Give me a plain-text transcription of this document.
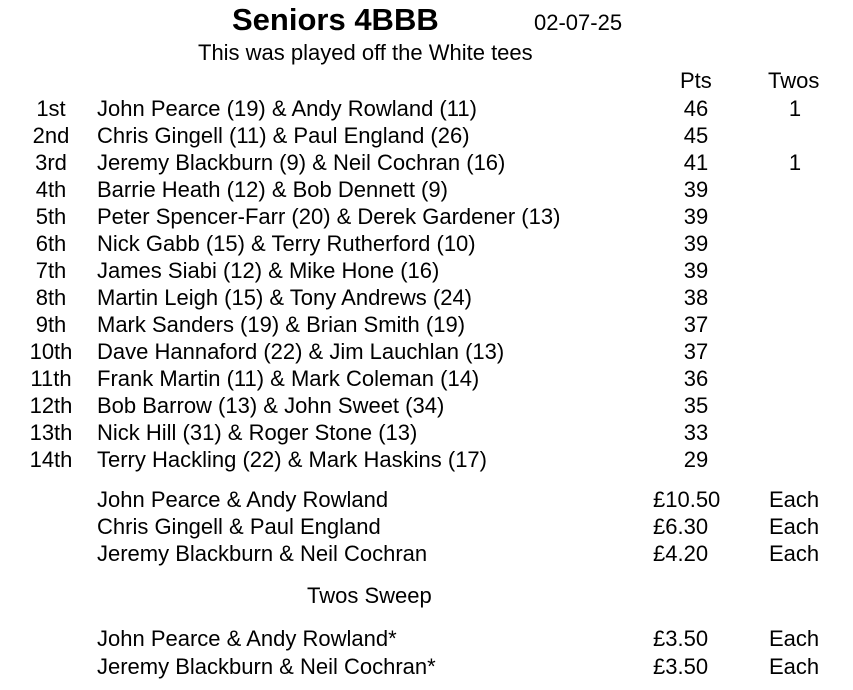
Seniors 4BBB	02-07-25
This was played off the White tees
Pts	Twos
1st	John Pearce (19) & Andy Rowland (11)	46	1
2nd	Chris Gingell (11) & Paul England (26)	45
3rd	Jeremy Blackburn (9) & Neil Cochran (16)	41	1
4th	Barrie Heath (12) & Bob Dennett (9)	39
5th	Peter Spencer-Farr (20) & Derek Gardener (13)	39
6th	Nick Gabb (15) & Terry Rutherford (10)	39
7th	James Siabi (12) & Mike Hone (16)	39
8th	Martin Leigh (15) & Tony Andrews (24)	38
9th	Mark Sanders (19) & Brian Smith (19)	37
10th Dave Hannaford (22) & Jim Lauchlan (13)	37
11th Frank Martin (11) & Mark Coleman (14)	36
12th Bob Barrow (13) & John Sweet (34)	35
13th Nick Hill (31) & Roger Stone (13)	33
14th Terry Hackling (22) & Mark Haskins (17)	29
John Pearce & Andy Rowland	£10.50 Each
Chris Gingell & Paul England	£6.30	Each
Jeremy Blackburn & Neil Cochran	£4.20	Each
Twos Sweep
John Pearce & Andy Rowland*	£3.50	Each
Jeremy Blackburn & Neil Cochran*	£3.50	Each
